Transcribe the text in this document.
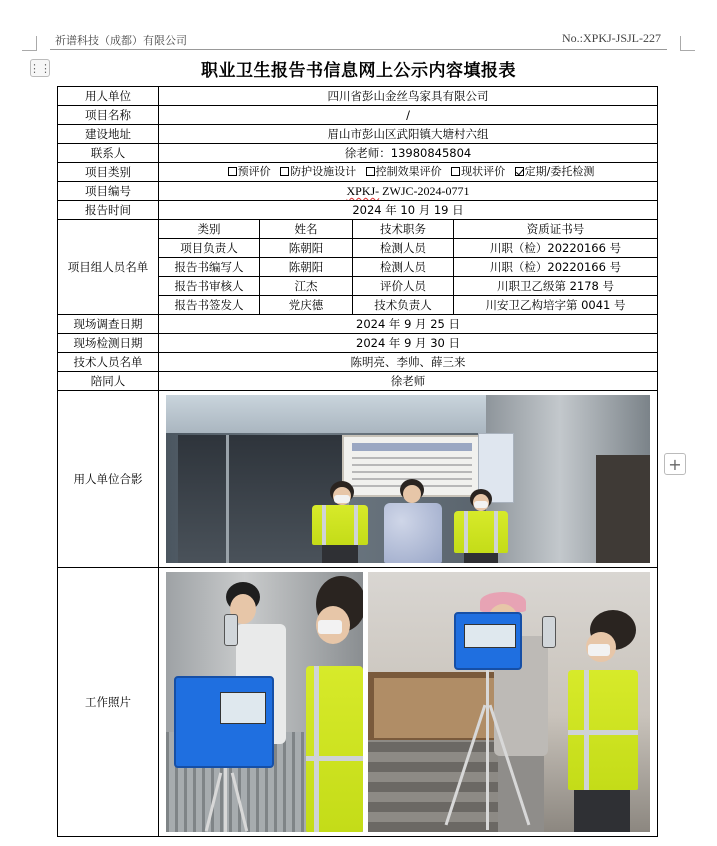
祈谱科技（成都）有限公司	No.:XPKJ-JSJL-227
⋮⋮
+
职业卫生报告书信息网上公示内容填报表
用人单位	四川省彭山金丝鸟家具有限公司			
项目名称	/			
建设地址	眉山市彭山区武阳镇大塘村六组			
联系人	徐老师：13980845804			
项目类别	预评价 防护设施设计 控制效果评价 现状评价 定期/委托检测			
项目编号	XPKJ- ZWJC-2024-0771			
报告时间	2024 年 10 月 19 日			
项目组人员名单	类别	姓名	技术职务	资质证书号
	项目负责人	陈朝阳	检测人员	川职（检）20220166 号
	报告书编写人	陈朝阳	检测人员	川职（检）20220166 号
	报告书审核人	江杰	评价人员	川职卫乙级第 2178 号
	报告书签发人	党庆德	技术负责人	川安卫乙构培字第 0041 号
现场调查日期	2024 年 9 月 25 日			
现场检测日期	2024 年 9 月 30 日			
技术人员名单	陈明亮、李帅、薛三来			
陪同人	徐老师			
用人单位合影				

工作照片				
